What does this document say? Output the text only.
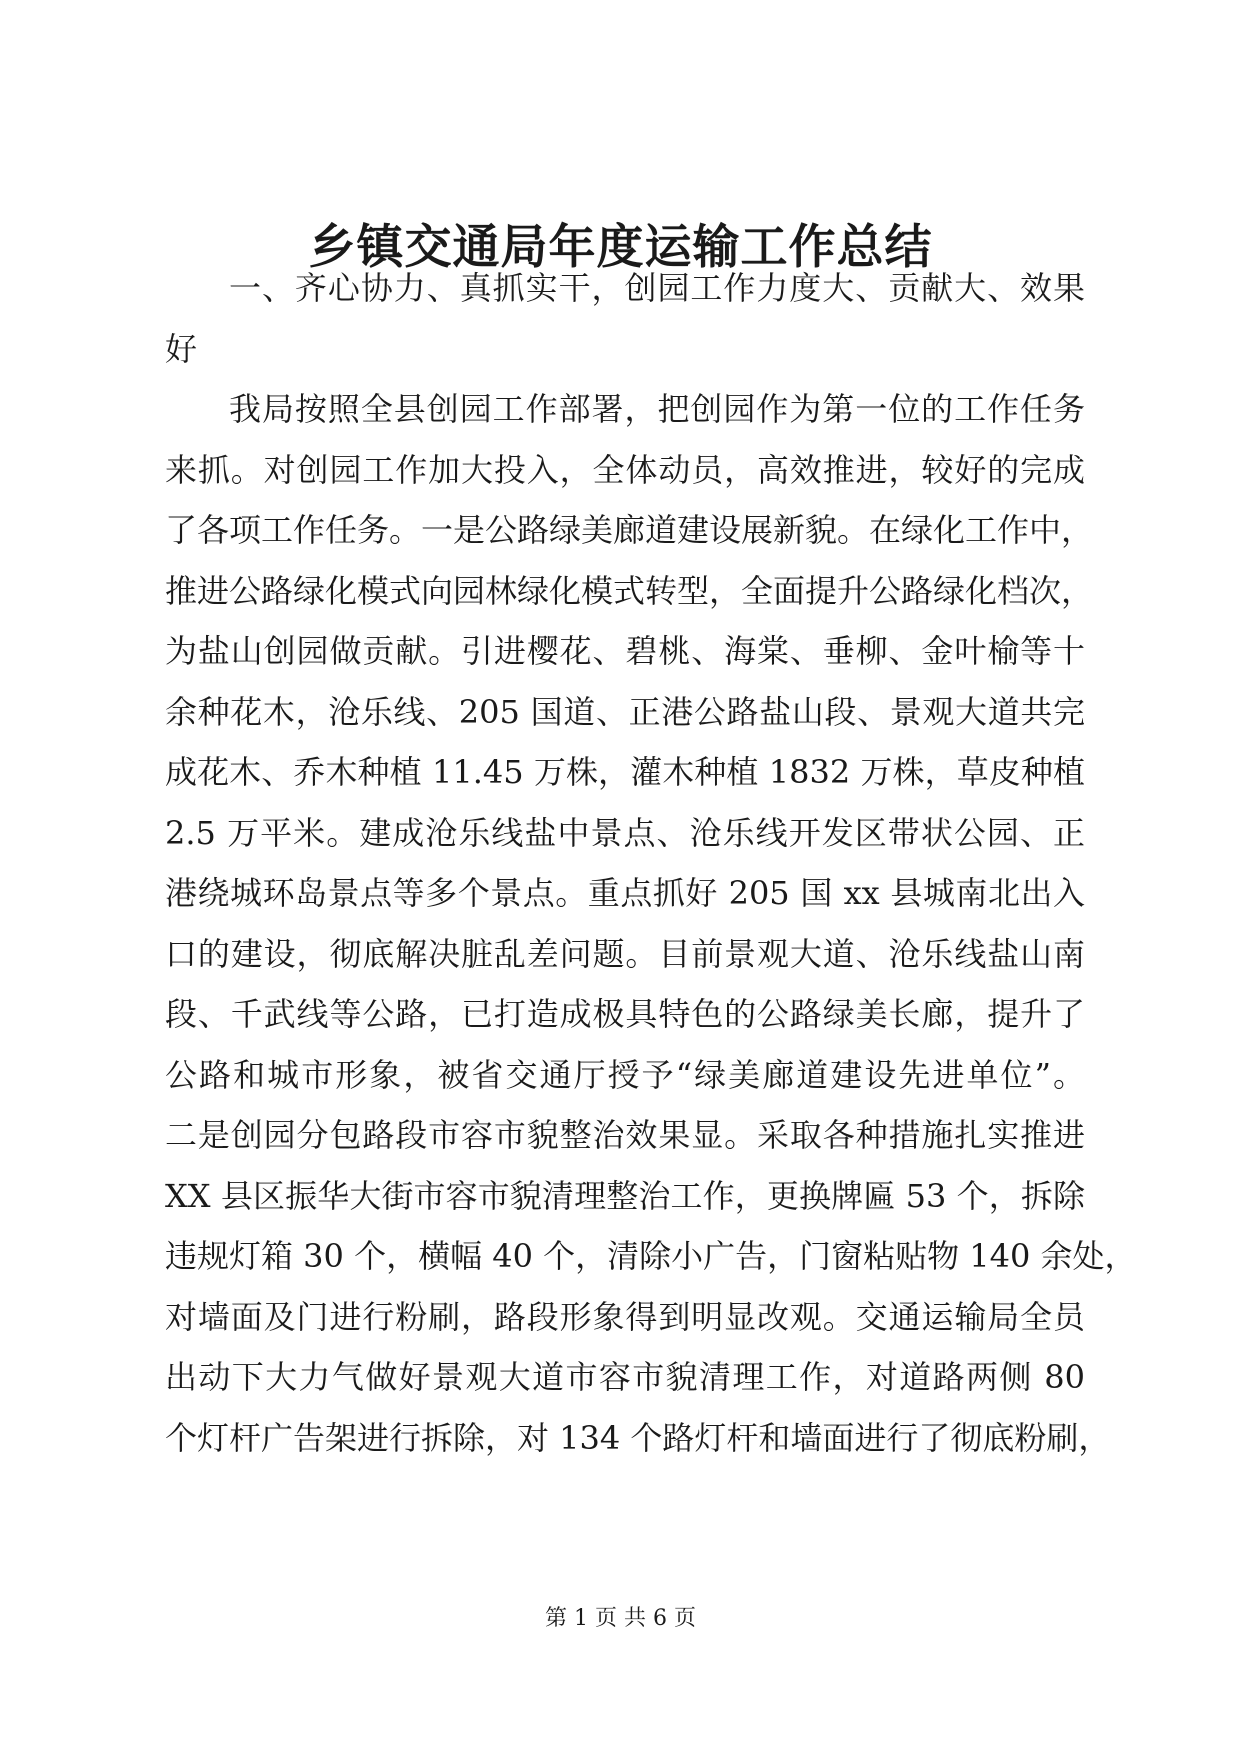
乡镇交通局年度运输工作总结
一、齐心协力、真抓实干，创园工作力度大、贡献大、效果
好
我局按照全县创园工作部署，把创园作为第一位的工作任务
来抓。对创园工作加大投入，全体动员，高效推进，较好的完成
了各项工作任务。一是公路绿美廊道建设展新貌。在绿化工作中，
推进公路绿化模式向园林绿化模式转型，全面提升公路绿化档次，
为盐山创园做贡献。引进樱花、碧桃、海棠、垂柳、金叶榆等十
余种花木，沧乐线、205 国道、正港公路盐山段、景观大道共完
成花木、乔木种植 11.45 万株，灌木种植 1832 万株，草皮种植
2.5 万平米。建成沧乐线盐中景点、沧乐线开发区带状公园、正
港绕城环岛景点等多个景点。重点抓好 205 国 xx 县城南北出入
口的建设，彻底解决脏乱差问题。目前景观大道、沧乐线盐山南
段、千武线等公路，已打造成极具特色的公路绿美长廊，提升了
公路和城市形象，被省交通厅授予“绿美廊道建设先进单位”。
二是创园分包路段市容市貌整治效果显。采取各种措施扎实推进
XX 县区振华大街市容市貌清理整治工作，更换牌匾 53 个，拆除
违规灯箱 30 个，横幅 40 个，清除小广告，门窗粘贴物 140 余处，
对墙面及门进行粉刷，路段形象得到明显改观。交通运输局全员
出动下大力气做好景观大道市容市貌清理工作，对道路两侧 80
个灯杆广告架进行拆除，对 134 个路灯杆和墙面进行了彻底粉刷，
第 1 页 共 6 页
